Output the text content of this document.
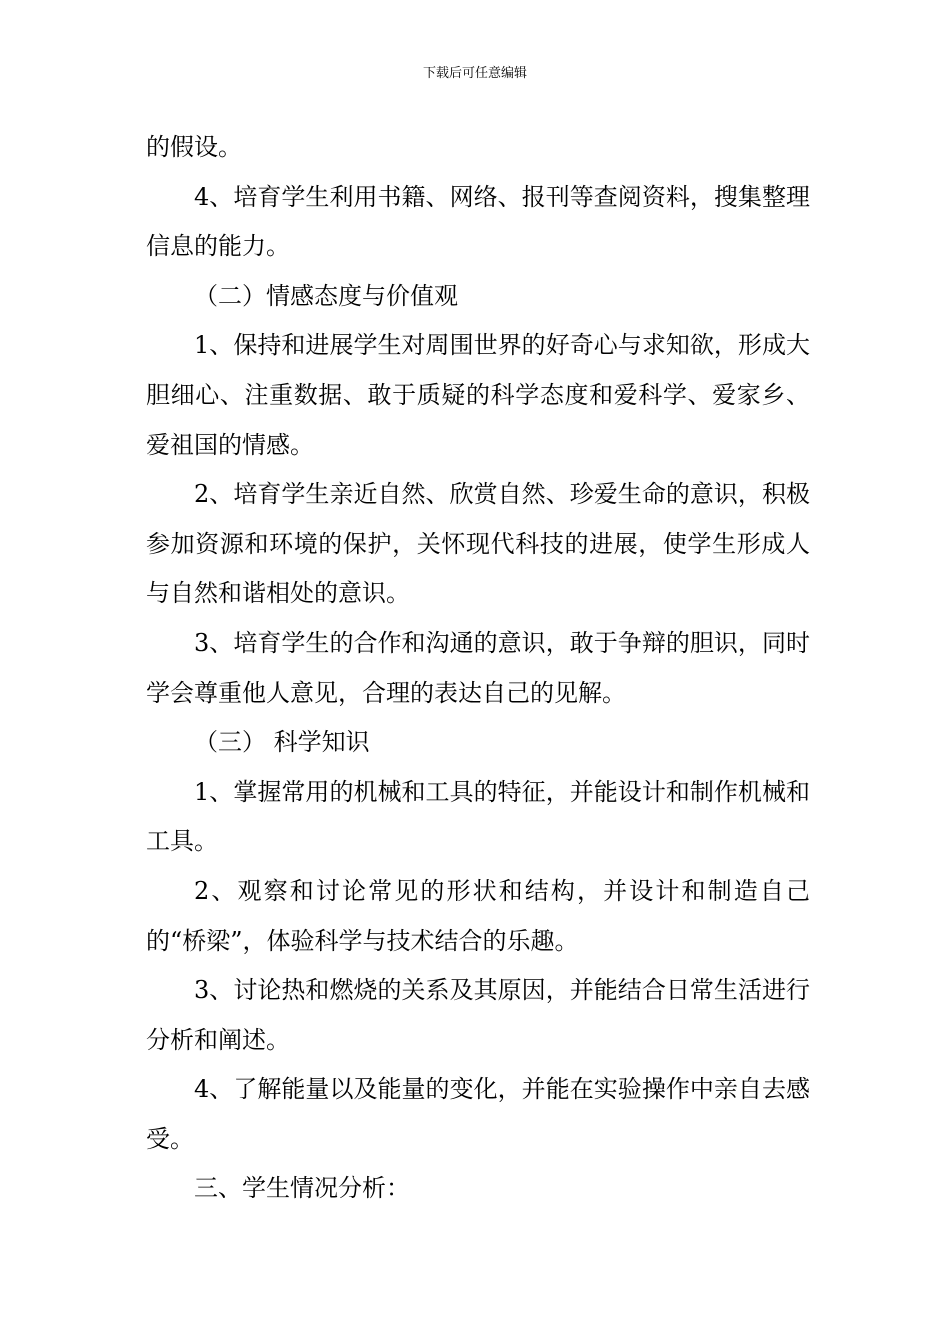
下载后可任意编辑

的假设。

4、培育学生利用书籍、网络、报刊等查阅资料，搜集整理信息的能力。

（二）情感态度与价值观

1、保持和进展学生对周围世界的好奇心与求知欲，形成大胆细心、注重数据、敢于质疑的科学态度和爱科学、爱家乡、爱祖国的情感。

2、培育学生亲近自然、欣赏自然、珍爱生命的意识，积极参加资源和环境的保护，关怀现代科技的进展，使学生形成人与自然和谐相处的意识。

3、培育学生的合作和沟通的意识，敢于争辩的胆识，同时学会尊重他人意见，合理的表达自己的见解。

（三） 科学知识

1、掌握常用的机械和工具的特征，并能设计和制作机械和工具。

2、观察和讨论常见的形状和结构，并设计和制造自己的“桥梁”，体验科学与技术结合的乐趣。

3、讨论热和燃烧的关系及其原因，并能结合日常生活进行分析和阐述。

4、了解能量以及能量的变化，并能在实验操作中亲自去感受。

三、学生情况分析：
